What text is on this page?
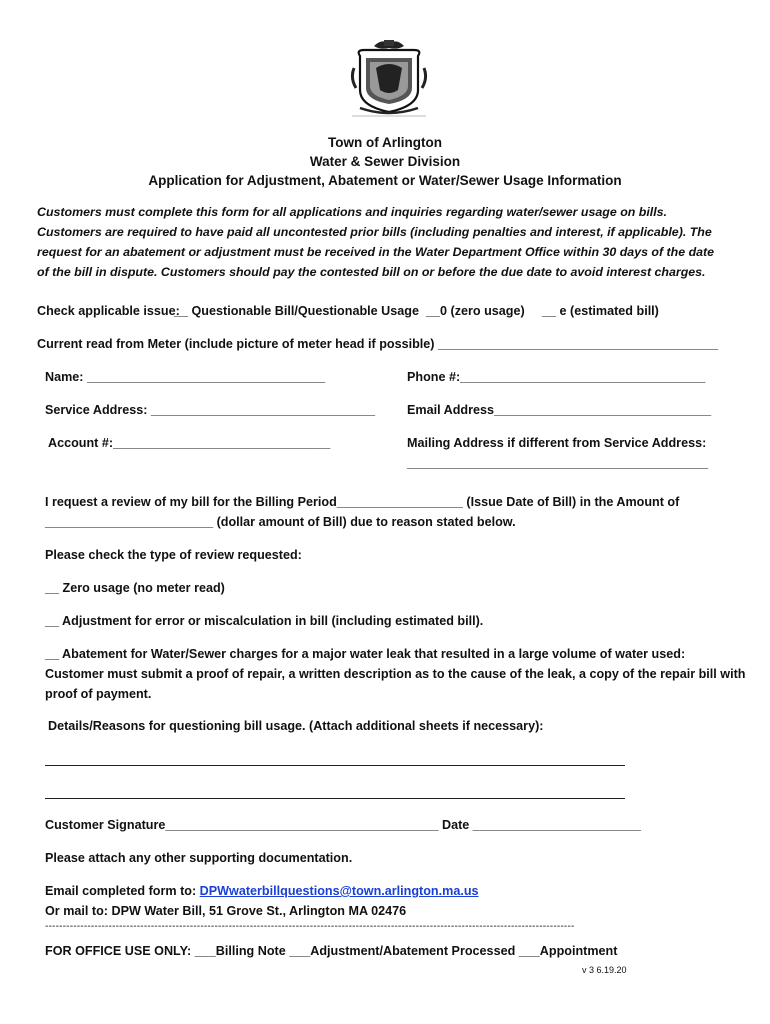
Town of Arlington
Water & Sewer Division
Application for Adjustment, Abatement or Water/Sewer Usage Information
Customers must complete this form for all applications and inquiries regarding water/sewer usage on bills. Customers are required to have paid all uncontested prior bills (including penalties and interest, if applicable). The request for an abatement or adjustment must be received in the Water Department Office within 30 days of the date of the bill in dispute. Customers should pay the contested bill on or before the due date to avoid interest charges.
Check applicable issue:
__ Questionable Bill/Questionable Usage __0 (zero usage) __ e (estimated bill)
Current read from Meter (include picture of meter head if possible) ________________________________________
Name: __________________________________	Phone #:___________________________________
Service Address: ________________________________	Email Address_______________________________
Account #:_______________________________	Mailing Address if different from Service Address:
___________________________________________
I request a review of my bill for the Billing Period__________________ (Issue Date of Bill) in the Amount of
________________________ (dollar amount of Bill) due to reason stated below.
Please check the type of review requested:
__ Zero usage (no meter read)
__ Adjustment for error or miscalculation in bill (including estimated bill).
__ Abatement for Water/Sewer charges for a major water leak that resulted in a large volume of water used:
Customer must submit a proof of repair, a written description as to the cause of the leak, a copy of the repair bill with
proof of payment.
Details/Reasons for questioning bill usage. (Attach additional sheets if necessary):
Customer Signature_______________________________________ Date ________________________
Please attach any other supporting documentation.
Email completed form to: DPWwaterbillquestions@town.arlington.ma.us
Or mail to: DPW Water Bill, 51 Grove St., Arlington MA 02476
------------------------------------------------------------------------------------------------------------------------------------------------------
FOR OFFICE USE ONLY: ___Billing Note ___Adjustment/Abatement Processed ___Appointment
v 3 6.19.20
